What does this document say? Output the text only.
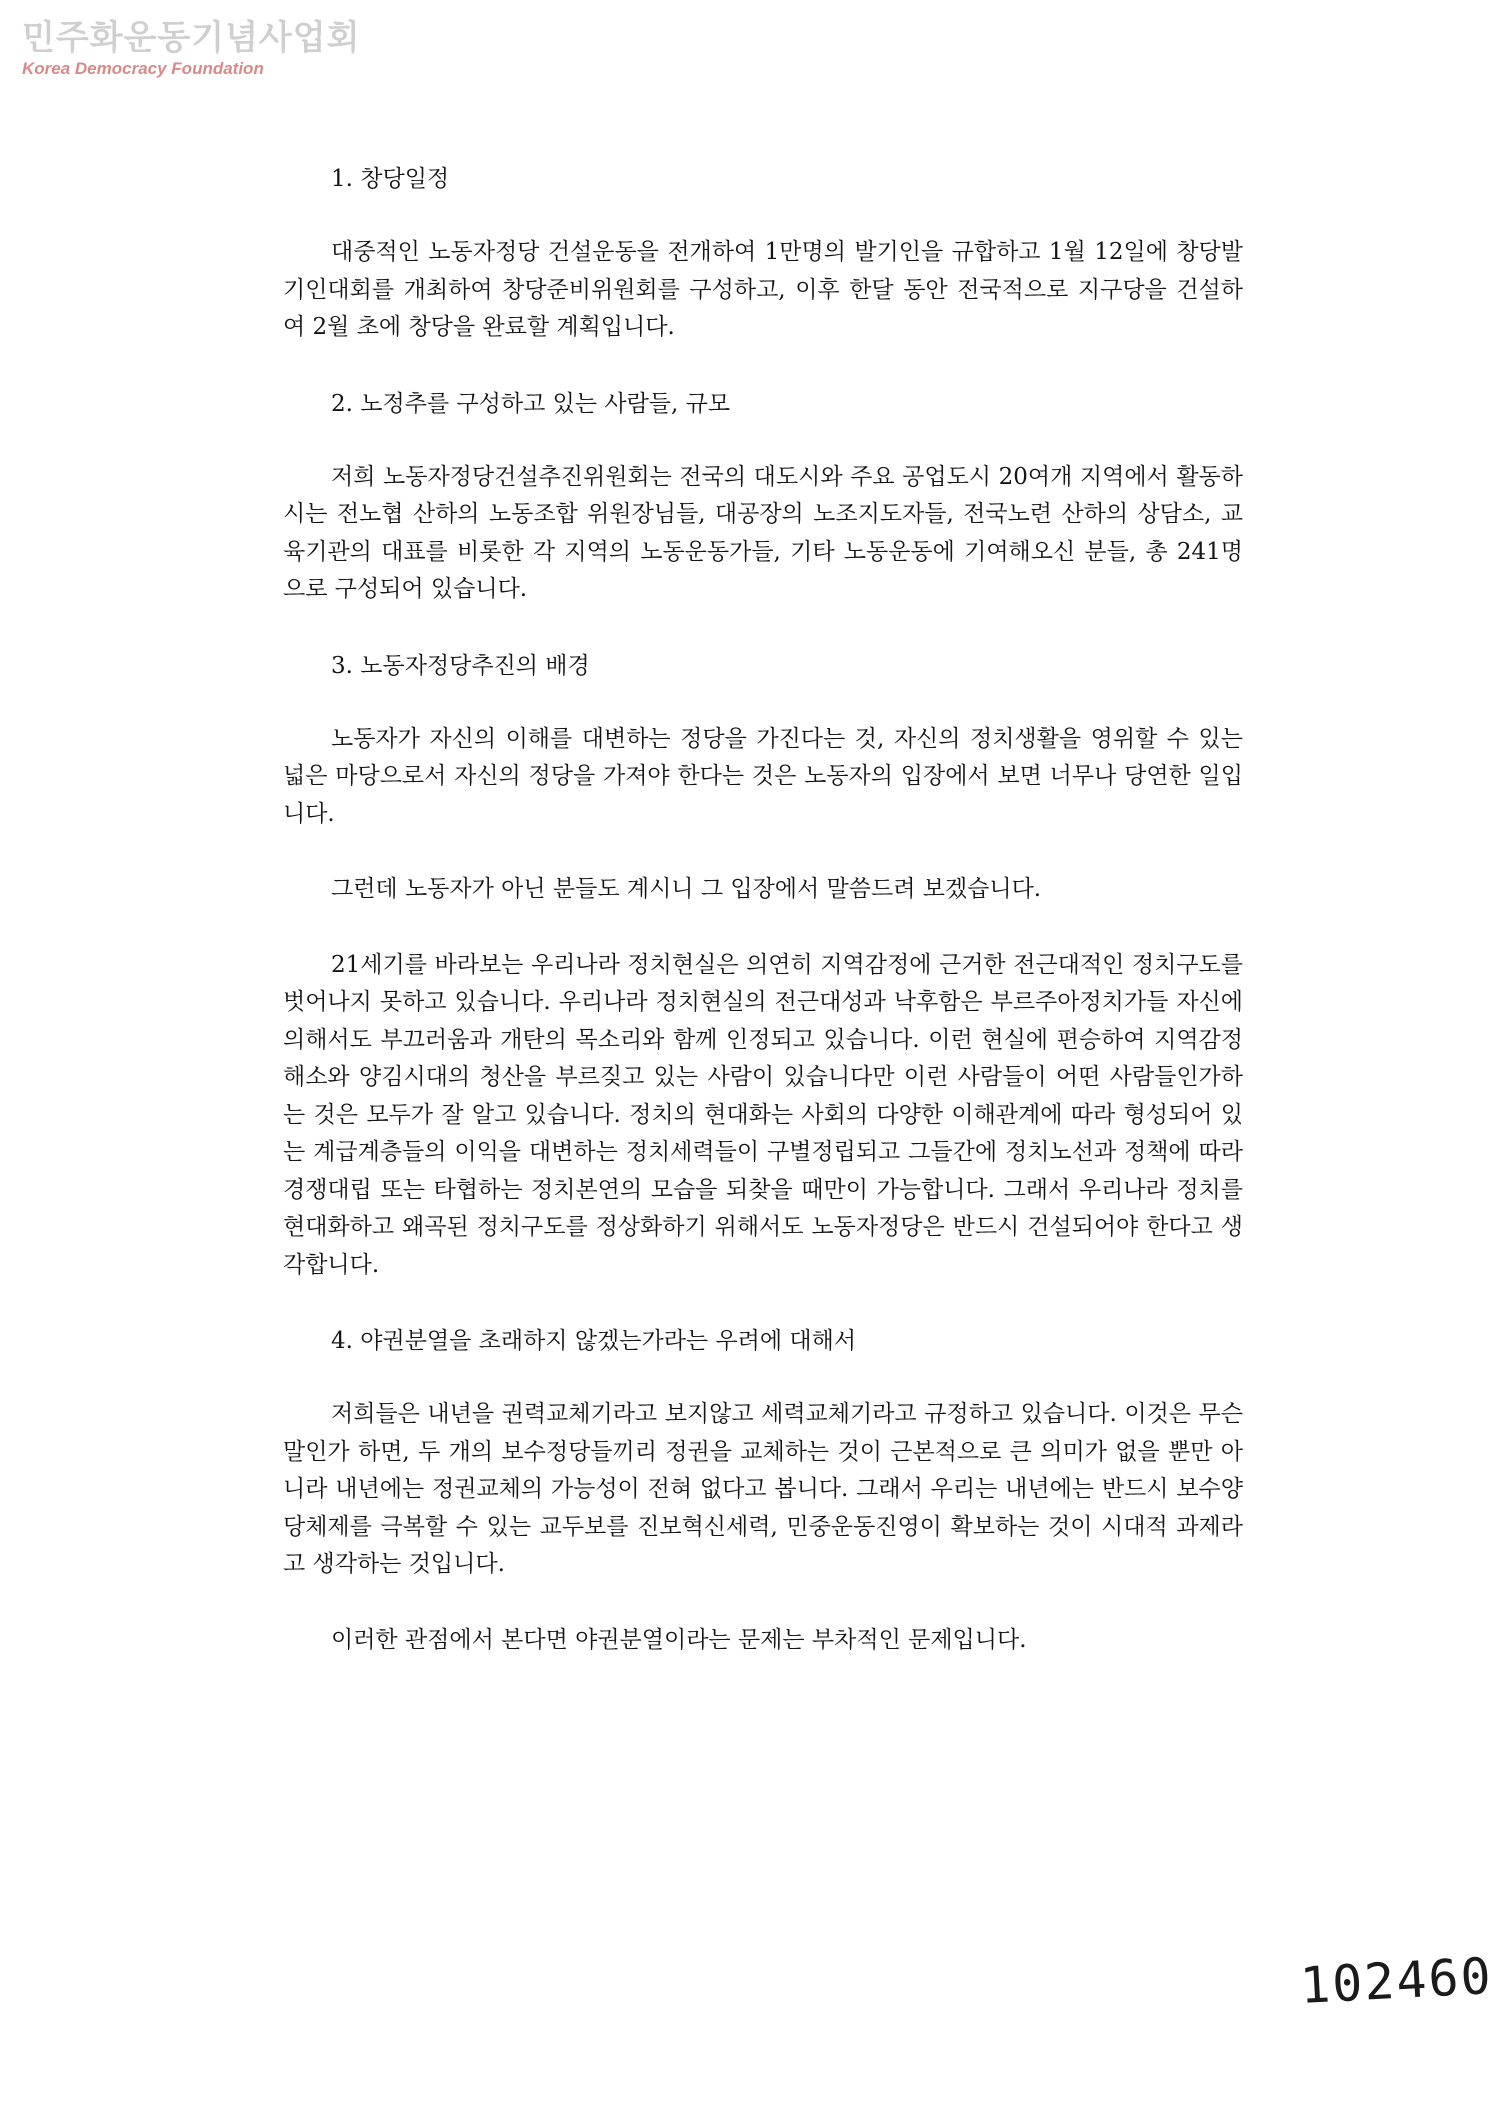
민주화운동기념사업회
Korea Democracy Foundation

1. 창당일정

대중적인 노동자정당 건설운동을 전개하여 1만명의 발기인을 규합하고 1월 12일에 창당발기인대회를 개최하여 창당준비위원회를 구성하고, 이후 한달 동안 전국적으로 지구당을 건설하여 2월 초에 창당을 완료할 계획입니다.

2. 노정추를 구성하고 있는 사람들, 규모

저희 노동자정당건설추진위원회는 전국의 대도시와 주요 공업도시 20여개 지역에서 활동하시는 전노협 산하의 노동조합 위원장님들, 대공장의 노조지도자들, 전국노련 산하의 상담소, 교육기관의 대표를 비롯한 각 지역의 노동운동가들, 기타 노동운동에 기여해오신 분들, 총 241명으로 구성되어 있습니다.

3. 노동자정당추진의 배경

노동자가 자신의 이해를 대변하는 정당을 가진다는 것, 자신의 정치생활을 영위할 수 있는 넓은 마당으로서 자신의 정당을 가져야 한다는 것은 노동자의 입장에서 보면 너무나 당연한 일입니다.

그런데 노동자가 아닌 분들도 계시니 그 입장에서 말씀드려 보겠습니다.

21세기를 바라보는 우리나라 정치현실은 의연히 지역감정에 근거한 전근대적인 정치구도를 벗어나지 못하고 있습니다. 우리나라 정치현실의 전근대성과 낙후함은 부르주아정치가들 자신에 의해서도 부끄러움과 개탄의 목소리와 함께 인정되고 있습니다. 이런 현실에 편승하여 지역감정 해소와 양김시대의 청산을 부르짖고 있는 사람이 있습니다만 이런 사람들이 어떤 사람들인가하는 것은 모두가 잘 알고 있습니다. 정치의 현대화는 사회의 다양한 이해관계에 따라 형성되어 있는 계급계층들의 이익을 대변하는 정치세력들이 구별정립되고 그들간에 정치노선과 정책에 따라 경쟁대립 또는 타협하는 정치본연의 모습을 되찾을 때만이 가능합니다. 그래서 우리나라 정치를 현대화하고 왜곡된 정치구도를 정상화하기 위해서도 노동자정당은 반드시 건설되어야 한다고 생각합니다.

4. 야권분열을 초래하지 않겠는가라는 우려에 대해서

저희들은 내년을 권력교체기라고 보지않고 세력교체기라고 규정하고 있습니다. 이것은 무슨 말인가 하면, 두 개의 보수정당들끼리 정권을 교체하는 것이 근본적으로 큰 의미가 없을 뿐만 아니라 내년에는 정권교체의 가능성이 전혀 없다고 봅니다. 그래서 우리는 내년에는 반드시 보수양당체제를 극복할 수 있는 교두보를 진보혁신세력, 민중운동진영이 확보하는 것이 시대적 과제라고 생각하는 것입니다.

이러한 관점에서 본다면 야권분열이라는 문제는 부차적인 문제입니다.

102460
